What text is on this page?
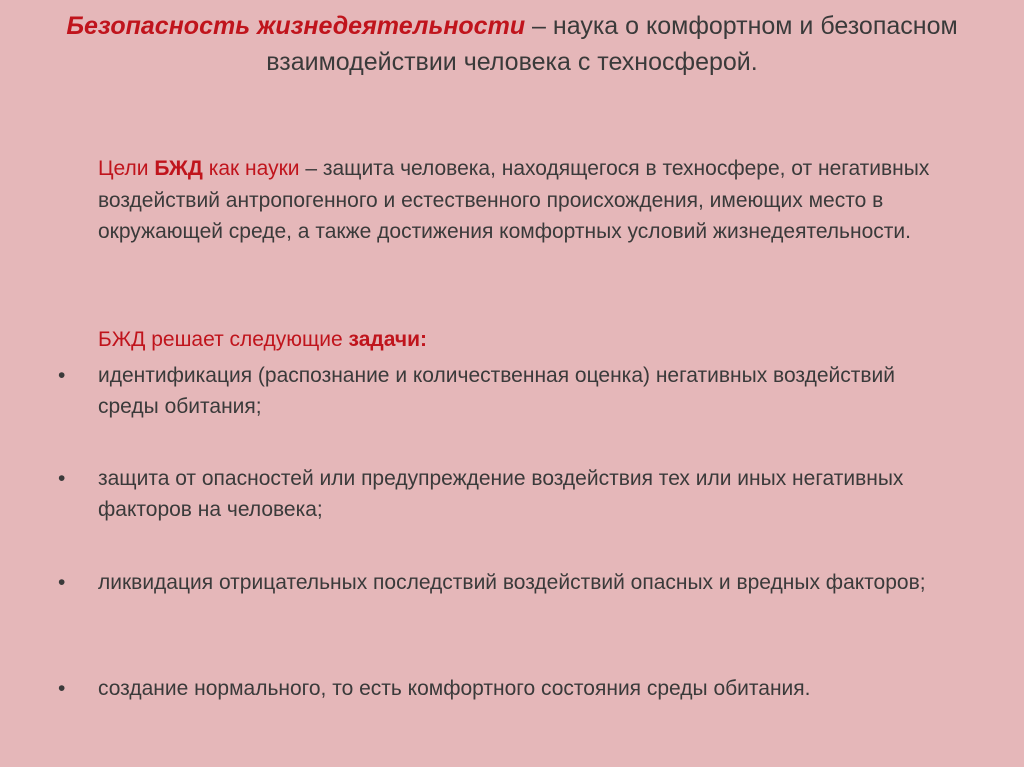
Безопасность жизнедеятельности – наука о комфортном и безопасном
взаимодействии человека с техносферой.
Цели БЖД как науки – защита человека, находящегося в техносфере, от негативных воздействий антропогенного и естественного происхождения, имеющих место в окружающей среде, а также достижения комфортных условий жизнедеятельности.
БЖД решает следующие задачи:
• идентификация (распознание и количественная оценка) негативных воздействий среды обитания;
• защита от опасностей или предупреждение воздействия тех или иных негативных факторов на человека;
• ликвидация отрицательных последствий воздействий опасных и вредных факторов;
• создание нормального, то есть комфортного состояния среды обитания.
